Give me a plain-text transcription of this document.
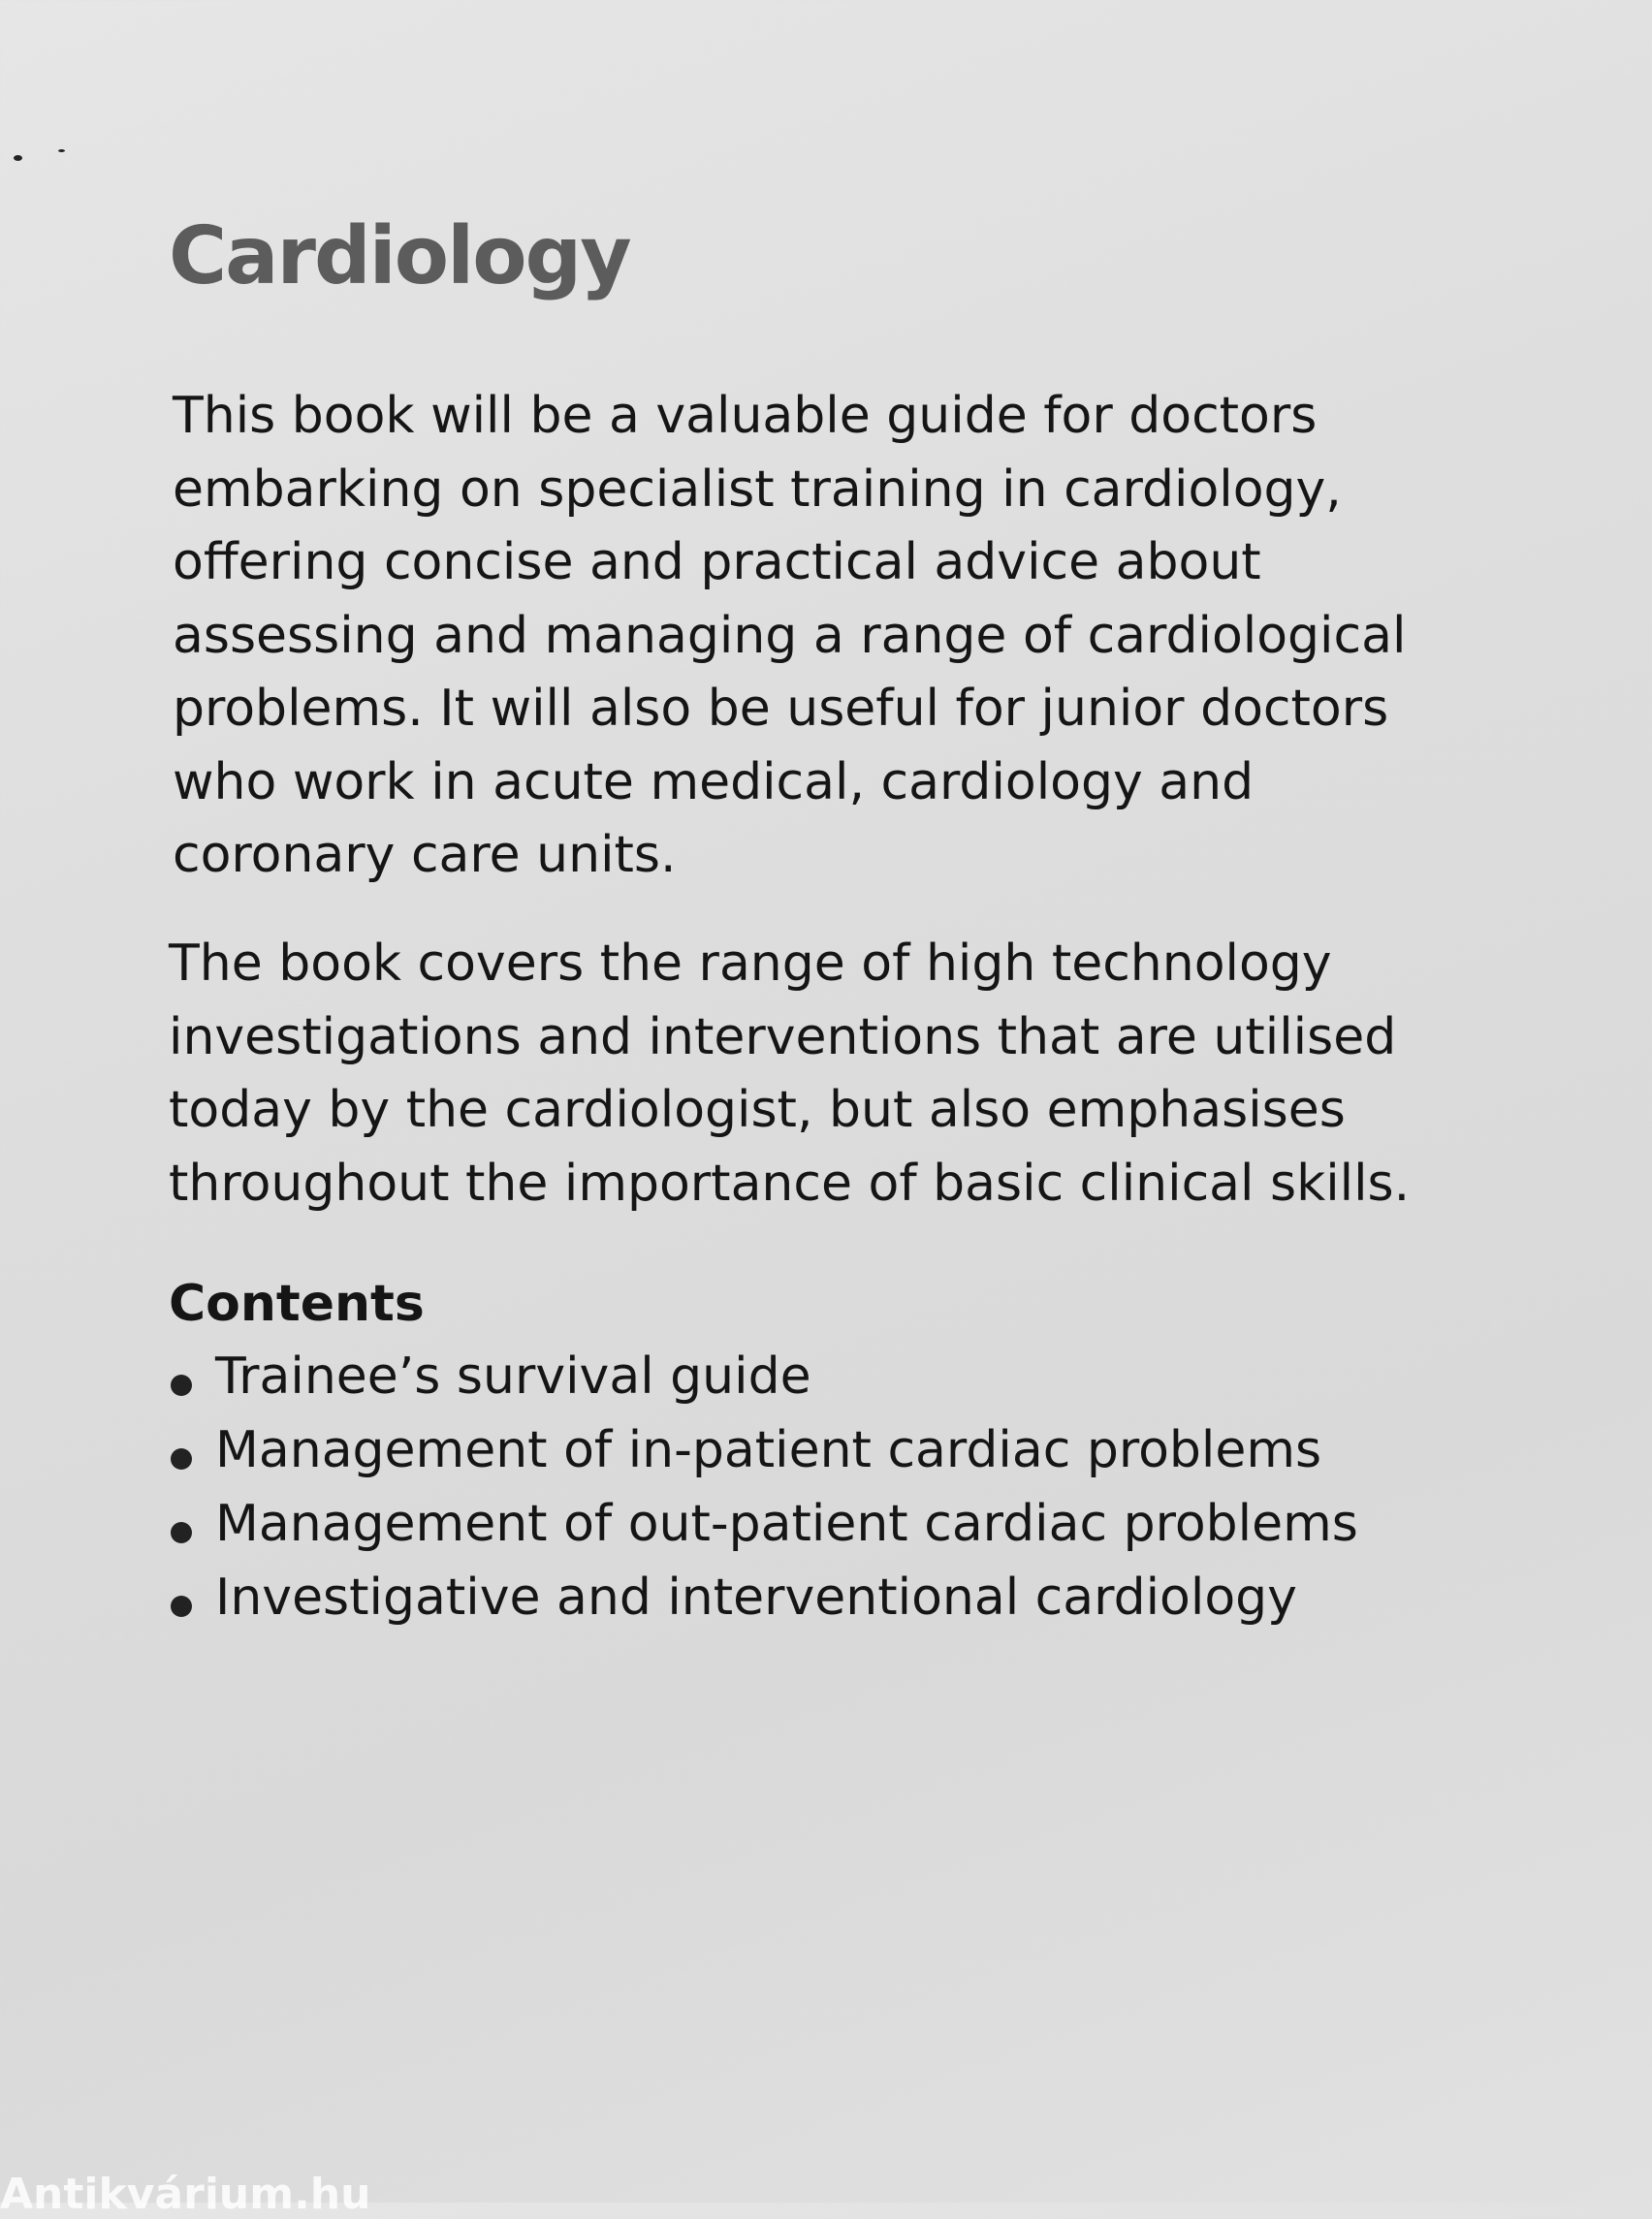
Cardiology
This book will be a valuable guide for doctors
embarking on specialist training in cardiology,
offering concise and practical advice about
assessing and managing a range of cardiological
problems. It will also be useful for junior doctors
who work in acute medical, cardiology and
coronary care units.
The book covers the range of high technology
investigations and interventions that are utilised
today by the cardiologist, but also emphasises
throughout the importance of basic clinical skills.
Contents
Trainee’s survival guide
Management of in-patient cardiac problems
Management of out-patient cardiac problems
Investigative and interventional cardiology
Antikvárium.hu
